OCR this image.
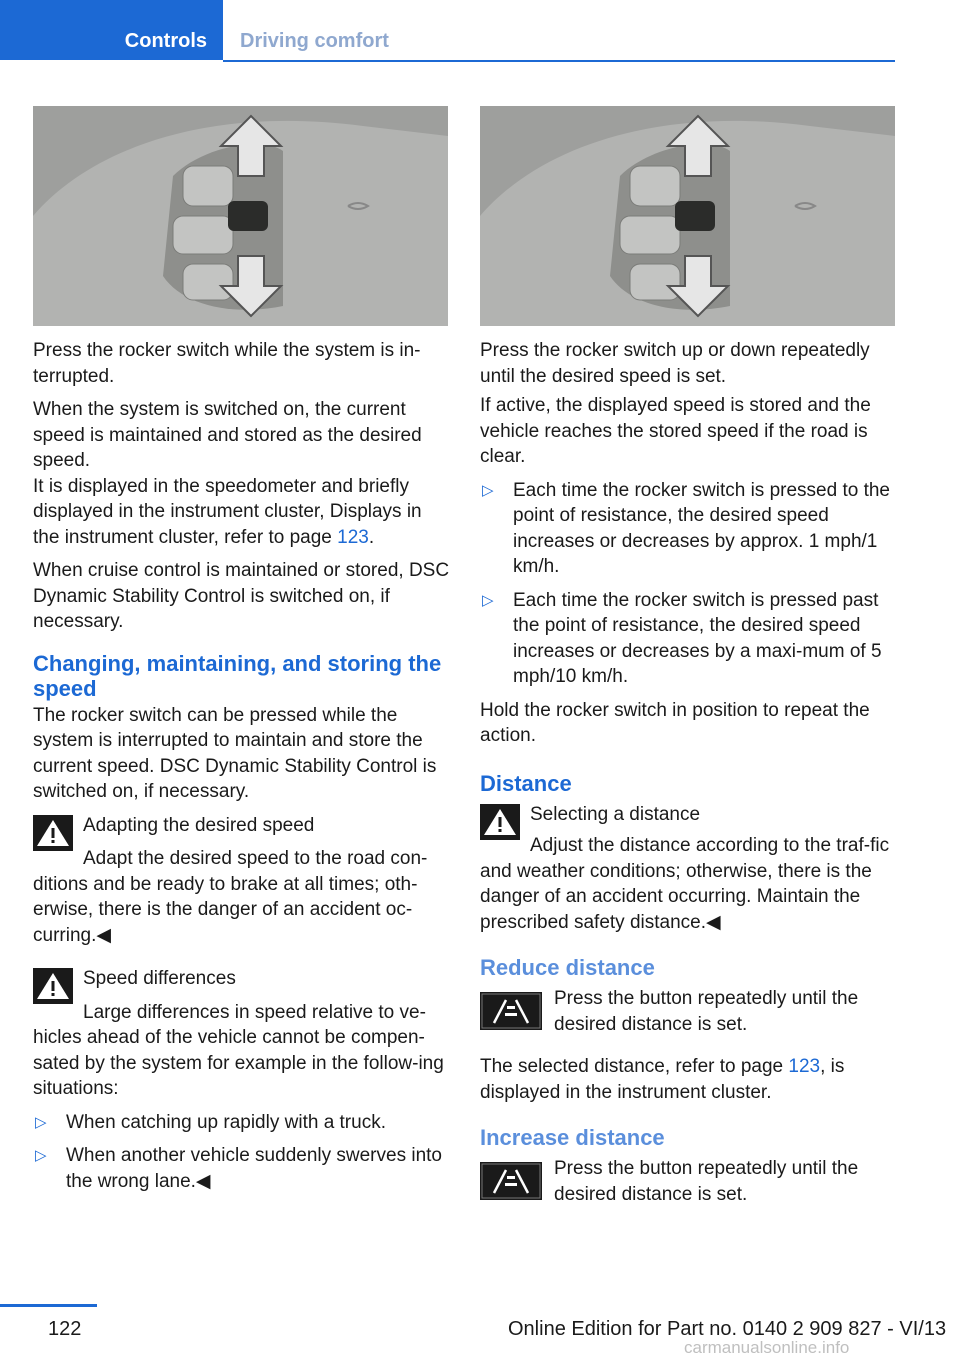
Controls Driving comfort

Press the rocker switch while the system is in‐terrupted.

When the system is switched on, the current speed is maintained and stored as the desired speed.

It is displayed in the speedometer and briefly displayed in the instrument cluster, Displays in the instrument cluster, refer to page 123.

When cruise control is maintained or stored, DSC Dynamic Stability Control is switched on, if necessary.

Changing, maintaining, and storing the speed

The rocker switch can be pressed while the system is interrupted to maintain and store the current speed. DSC Dynamic Stability Control is switched on, if necessary.

Adapting the desired speed
Adapt the desired speed to the road con‐ditions and be ready to brake at all times; oth‐erwise, there is the danger of an accident oc‐curring.◀
Speed differences
Large differences in speed relative to ve‐hicles ahead of the vehicle cannot be compen‐sated by the system for example in the follow‐ing situations:
▷ When catching up rapidly with a truck.
▷ When another vehicle suddenly swerves into the wrong lane.◀

Press the rocker switch up or down repeatedly until the desired speed is set.

If active, the displayed speed is stored and the vehicle reaches the stored speed if the road is clear.

▷ Each time the rocker switch is pressed to the point of resistance, the desired speed increases or decreases by approx. 1 mph/1 km/h.
▷ Each time the rocker switch is pressed past the point of resistance, the desired speed increases or decreases by a maxi‐mum of 5 mph/10 km/h.

Hold the rocker switch in position to repeat the action.

Distance
Selecting a distance
Adjust the distance according to the traf‐fic and weather conditions; otherwise, there is the danger of an accident occurring. Maintain the prescribed safety distance.◀
Reduce distance
Press the button repeatedly until the desired distance is set.

The selected distance, refer to page 123, is displayed in the instrument cluster.

Increase distance
Press the button repeatedly until the desired distance is set.
122	Online Edition for Part no. 0140 2 909 827 - VI/13
carmanualsonline.info
